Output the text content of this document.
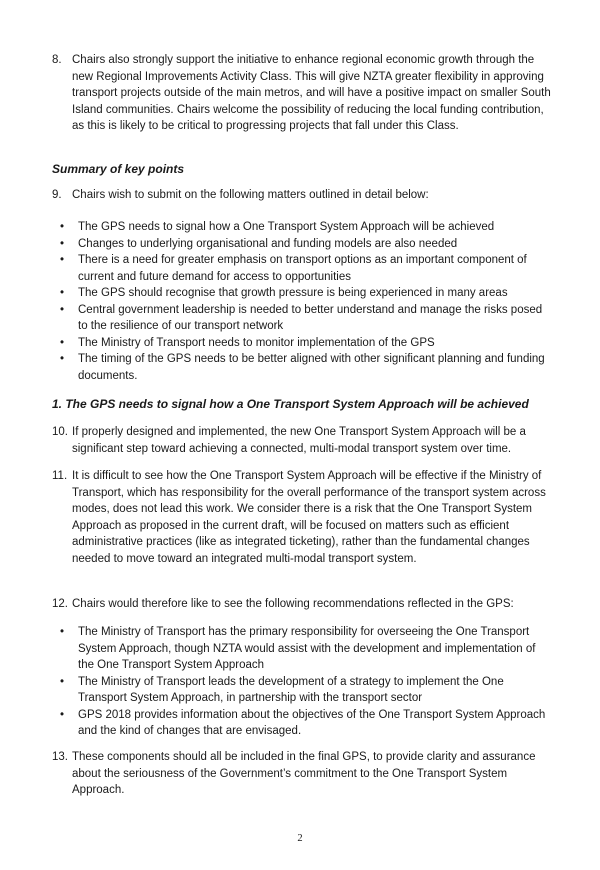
8. Chairs also strongly support the initiative to enhance regional economic growth through the new Regional Improvements Activity Class. This will give NZTA greater flexibility in approving transport projects outside of the main metros, and will have a positive impact on smaller South Island communities. Chairs welcome the possibility of reducing the local funding contribution, as this is likely to be critical to progressing projects that fall under this Class.

Summary of key points

9. Chairs wish to submit on the following matters outlined in detail below:
• The GPS needs to signal how a One Transport System Approach will be achieved
• Changes to underlying organisational and funding models are also needed
• There is a need for greater emphasis on transport options as an important component of current and future demand for access to opportunities
• The GPS should recognise that growth pressure is being experienced in many areas
• Central government leadership is needed to better understand and manage the risks posed to the resilience of our transport network
• The Ministry of Transport needs to monitor implementation of the GPS
• The timing of the GPS needs to be better aligned with other significant planning and funding documents.

1. The GPS needs to signal how a One Transport System Approach will be achieved

10. If properly designed and implemented, the new One Transport System Approach will be a significant step toward achieving a connected, multi-modal transport system over time.
11. It is difficult to see how the One Transport System Approach will be effective if the Ministry of Transport, which has responsibility for the overall performance of the transport system across modes, does not lead this work. We consider there is a risk that the One Transport System Approach as proposed in the current draft, will be focused on matters such as efficient administrative practices (like as integrated ticketing), rather than the fundamental changes needed to move toward an integrated multi-modal transport system.
12. Chairs would therefore like to see the following recommendations reflected in the GPS:
• The Ministry of Transport has the primary responsibility for overseeing the One Transport System Approach, though NZTA would assist with the development and implementation of the One Transport System Approach
• The Ministry of Transport leads the development of a strategy to implement the One Transport System Approach, in partnership with the transport sector
• GPS 2018 provides information about the objectives of the One Transport System Approach and the kind of changes that are envisaged.
13. These components should all be included in the final GPS, to provide clarity and assurance about the seriousness of the Government’s commitment to the One Transport System Approach.
2
